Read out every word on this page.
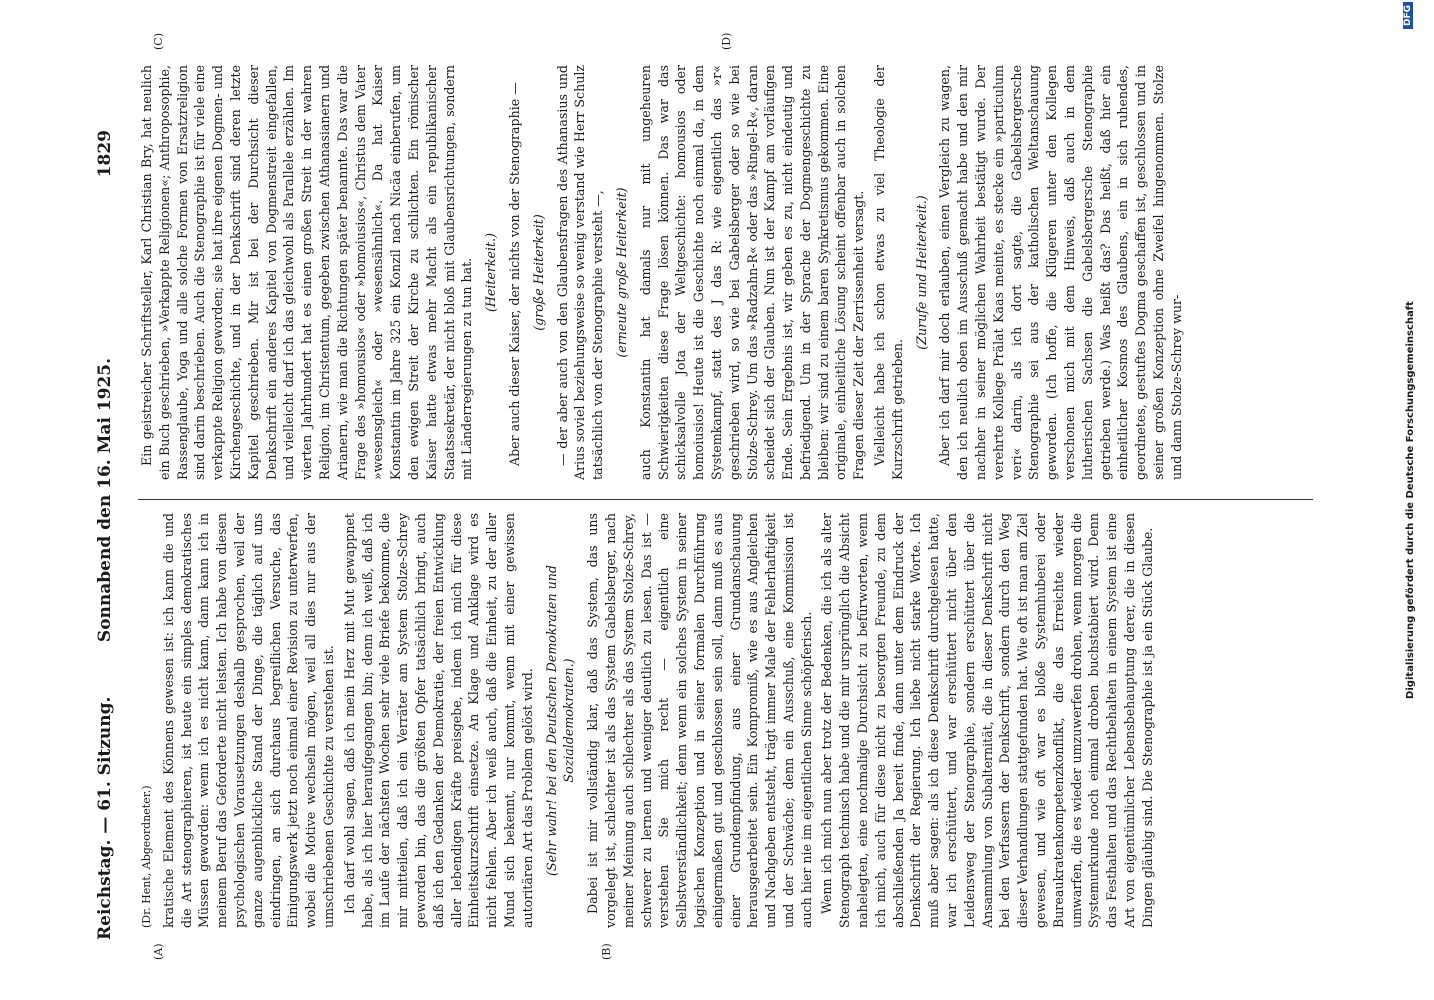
Reichstag. — 61. Sitzung.
Sonnabend den 16. Mai 1925.
1829
(A)	(B)
(C)	(D)

(Dr. Hent, Abgeordneter.) kratische Element des Könnens gewesen ist: ich kann die und die Art stenographieren, ist heute ein simples demokratisches Müssen geworden: wenn ich es nicht kann, dann kann ich in meinem Beruf das Geforderte nicht leisten. Ich habe von diesen psychologischen Vorausetzungen deshalb gesprochen, weil der ganze augenblickliche Stand der Dinge, die täglich auf uns eindringen, an sich durchaus begreiflichen Versuche, das Einigungswerk jetzt noch einmal einer Revision zu unterwerfen, wobei die Motive wechseln mögen, weil all dies nur aus der umschriebenen Geschichte zu verstehen ist. Ich darf wohl sagen, daß ich mein Herz mit Mut gewappnet habe, als ich hier heraufgegangen bin; denn ich weiß, daß ich im Laufe der nächsten Wochen sehr viele Briefe bekomme, die mir mitteilen, daß ich ein Verräter am System Stolze-Schrey geworden bin, das die größten Opfer tatsächlich bringt, auch daß ich den Gedanken der Demokratie, der freien Entwicklung aller lebendigen Kräfte preisgebe, indem ich mich für diese Einheitskurzschrift einsetze. An Klage und Anklage wird es nicht fehlen. Aber ich weiß auch, daß die Einheit, zu der aller Mund sich bekennt, nur kommt, wenn mit einer gewissen autoritären Art das Problem gelöst wird. (Sehr wahr! bei den Deutschen Demokraten und Sozialdemokraten.) Dabei ist mir vollständig klar, daß das System, das uns vorgelegt ist, schlechter ist als das System Gabelsberger, nach meiner Meinung auch schlechter als das System Stolze-Schrey, schwerer zu lernen und weniger deutlich zu lesen. Das ist — verstehen Sie mich recht — eigentlich eine Selbstverständlichkeit; denn wenn ein solches System in seiner logischen Konzeption und in seiner formalen Durchführung einigermaßen gut und geschlossen sein soll, dann muß es aus einer Grundempfindung, aus einer Grundanschauung herausgearbeitet sein. Ein Kompromiß, wie es aus Angleichen und Nachgeben entsteht, trägt immer Male der Fehlerhaftigkeit und der Schwäche; denn ein Ausschuß, eine Kommission ist auch hier nie im eigentlichen Sinne schöpferisch. Wenn ich mich nun aber trotz der Bedenken, die ich als alter Stenograph technisch habe und die mir ursprünglich die Absicht nahelegten, eine nochmalige Durchsicht zu befürworten, wenn ich mich, auch für diese nicht zu besorgten Freunde, zu dem abschließenden Ja bereit finde, dann unter dem Eindruck der Denkschrift der Regierung. Ich liebe nicht starke Worte. Ich muß aber sagen: als ich diese Denkschrift durchgelesen hatte, war ich erschüttert, und war erschüttert nicht über den Leidensweg der Stenographie, sondern erschüttert über die Ansammlung von Subalternität, die in dieser Denkschrift nicht bei den Verfassern der Denkschrift, sondern durch den Weg dieser Verhandlungen stattgefunden hat. Wie oft ist man am Ziel gewesen, und wie oft war es bloße Systemhuberei oder Bureaukratenkompetenzkonflikt, die das Erreichte wieder umwarfen, die es wieder umzuwerfen drohen, wenn morgen die Systemurkunde noch einmal droben buchstabiert wird. Denn das Festhalten und das Rechtbehalten in einem System ist eine Art von eigentümlicher Lebensbehauptung derer, die in diesen Dingen gläubig sind. Die Stenographie ist ja ein Stück Glaube.

Ein geistreicher Schriftsteller, Karl Christian Bry, hat neulich ein Buch geschrieben, »Verkappte Religionen«; Anthroposophie, Rassenglaube, Yoga und alle solche Formen von Ersatzreligion sind darin beschrieben. Auch die Stenographie ist für viele eine verkappte Religion geworden; sie hat ihre eigenen Dogmen- und Kirchengeschichte, und in der Denkschrift sind deren letzte Kapitel geschrieben. Mir ist bei der Durchsicht dieser Denkschrift ein anderes Kapitel von Dogmenstreit eingefallen, und vielleicht darf ich das gleichwohl als Parallele erzählen. Im vierten Jahrhundert hat es einen großen Streit in der wahren Religion, im Christentum, gegeben zwischen Athanasianern und Arianern, wie man die Richtungen später benannte. Das war die Frage des »homousios« oder »homoiusios«, Christus dem Vater »wesensgleich« oder »wesensähnlich«. Da hat Kaiser Konstantin im Jahre 325 ein Konzil nach Nicäa einberufen, um den ewigen Streit der Kirche zu schlichten. Ein römischer Kaiser hatte etwas mehr Macht als ein republikanischer Staatssekretär, der nicht bloß mit Glaubensrichtungen, sondern mit Länderregierungen zu tun hat. (Heiterkeit.) Aber auch dieser Kaiser, der nichts von der Stenographie — (große Heiterkeit) — der aber auch von den Glaubensfragen des Athanasius und Arius soviel beziehungsweise so wenig verstand wie Herr Schulz tatsächlich von der Stenographie versteht —, (erneute große Heiterkeit) auch Konstantin hat damals nur mit ungeheuren Schwierigkeiten diese Frage lösen können. Das war das schicksalvolle Jota der Weltgeschichte: homousios oder homoiusios! Heute ist die Geschichte noch einmal da, in dem Systemkampf, statt des J das R: wie eigentlich das »r« geschrieben wird, so wie bei Gabelsberger oder so wie bei Stolze-Schrey. Um das »Radzahn-R« oder das »Ringel-R«, daran scheidet sich der Glauben. Nun ist der Kampf am vorläufigen Ende. Sein Ergebnis ist, wir geben es zu, nicht eindeutig und befriedigend. Um in der Sprache der Dogmengeschichte zu bleiben: wir sind zu einem baren Synkretismus gekommen. Eine originale, einheitliche Lösung scheint offenbar auch in solchen Fragen dieser Zeit der Zerrissenheit versagt. Vielleicht habe ich schon etwas zu viel Theologie der Kurzschrift getrieben.

(Zurufe und Heiterkeit.) Aber ich darf mir doch erlauben, einen Vergleich zu wagen, den ich neulich oben im Ausschuß gemacht habe und den mir nachher in seiner möglichen Wahrheit bestätigt wurde. Der verehrte Kollege Prälat Kaas meinte, es stecke ein »particulum veri« darin, als ich dort sagte, die Gabelsbergersche Stenographie sei aus der katholischen Weltanschauung geworden. (Ich hoffe, die Klügeren unter den Kollegen verschonen mich mit dem Hinweis, daß auch in dem lutherischen Sachsen die Gabelsbergersche Stenographie getrieben werde.) Was heißt das? Das heißt, daß hier ein einheitlicher Kosmos des Glaubens, ein in sich ruhendes, geordnetes, gestuftes Dogma geschaffen ist, geschlossen und in seiner großen Konzeption ohne Zweifel hingenommen. Stolze und dann Stolze-Schrey wur-	Digitalisierung gefördert durch die Deutsche Forschungsgemeinschaft
DFG
